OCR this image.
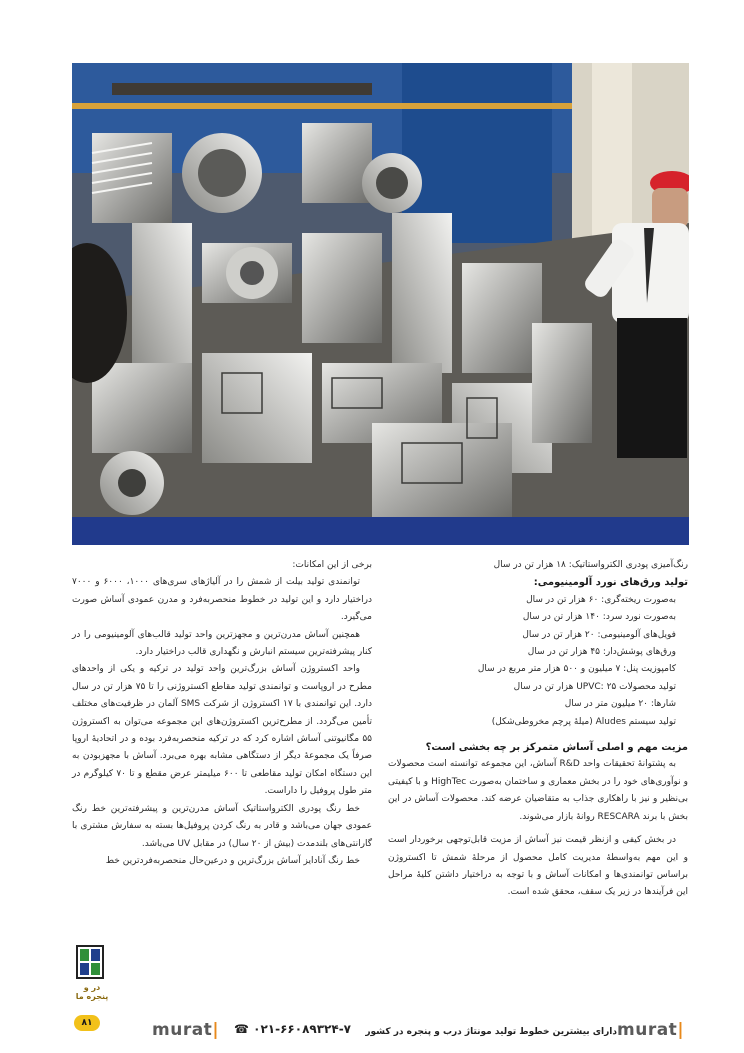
رنگ‌آمیزی پودری الکترواستاتیک: ۱۸ هزار تن در سال

تولید ورق‌های نورد آلومینیومی:

به‌صورت ریخته‌گری: ۶۰ هزار تن در سال

به‌صورت نورد سرد: ۱۴۰ هزار تن در سال

فویل‌های آلومینیومی: ۲۰ هزار تن در سال

ورق‌های پوشش‌دار: ۴۵ هزار تن در سال

کامپوزیت پنل: ۷ میلیون و ۵۰۰ هزار متر مربع در سال

تولید محصولات UPVC: ۲۵ هزار تن در سال

شارها: ۲۰ میلیون متر در سال

تولید سیستم Aludes (میلهٔ پرچم مخروطی‌شکل)

مزیت مهم و اصلی آساش متمرکز بر چه بخشی است؟

به پشتوانهٔ تحقیقات واحد R&D آساش، این مجموعه توانسته است محصولات و نوآوری‌های خود را در بخش معماری و ساختمان به‌صورت HighTec و با کیفیتی بی‌نظیر و نیز با راهکاری جذاب به متقاضیان عرضه کند. محصولات آساش در این بخش با برند RESCARA روانهٔ بازار می‌شوند.

در بخش کیفی و ازنظر قیمت نیز آساش از مزیت قابل‌توجهی برخوردار است و این مهم به‌واسطهٔ مدیریت کامل محصول از مرحلهٔ شمش تا اکستروژن براساس توانمندی‌ها و امکانات آساش و با توجه به دراختیار داشتن کلیهٔ مراحل این فرآیندها در زیر یک سقف، محقق شده است.

برخی از این امکانات:

توانمندی تولید بیلت از شمش را در آلیاژهای سری‌های ۱۰۰۰، ۶۰۰۰ و ۷۰۰۰ دراختیار دارد و این تولید در خطوط منحصربه‌فرد و مدرن عمودی آساش صورت می‌گیرد.

همچنین آساش مدرن‌ترین و مجهزترین واحد تولید قالب‌های آلومینیومی را در کنار پیشرفته‌ترین سیستم انبارش و نگهداری قالب دراختیار دارد.

واحد اکستروژن آساش بزرگ‌ترین واحد تولید در ترکیه و یکی از واحدهای مطرح در اروپاست و توانمندی تولید مقاطع اکستروژنی را تا ۷۵ هزار تن در سال دارد. این توانمندی با ۱۷ اکستروژن از شرکت SMS آلمان در ظرفیت‌های مختلف تأمین می‌گردد. از مطرح‌ترین اکستروژن‌های این مجموعه می‌توان به اکستروژن ۵۵ مگانیوتنی آساش اشاره کرد که در ترکیه منحصربه‌فرد بوده و در اتحادیهٔ اروپا صرفاً یک مجموعهٔ دیگر از دستگاهی مشابه بهره می‌برد. آساش با مجهزبودن به این دستگاه امکان تولید مقاطعی تا ۶۰۰ میلیمتر عرض مقطع و تا ۷۰ کیلوگرم در متر طول پروفیل را داراست.

خط رنگ پودری الکترواستاتیک آساش مدرن‌ترین و پیشرفته‌ترین خط رنگ عمودی جهان می‌باشد و قادر به رنگ کردن پروفیل‌ها بسته به سفارش مشتری با گارانتی‌های بلندمدت (بیش از ۲۰ سال) در مقابل UV می‌باشد.

خط رنگ آنادایز آساش بزرگ‌ترین و درعین‌حال منحصربه‌فردترین خط

در و پنجره ما
۸۱	murat| ☎ ۰۲۱-۶۶۰۸۹۳۲۴-۷ دارای بیشترین خطوط تولید مونتاژ درب و پنجره در کشور murat|
